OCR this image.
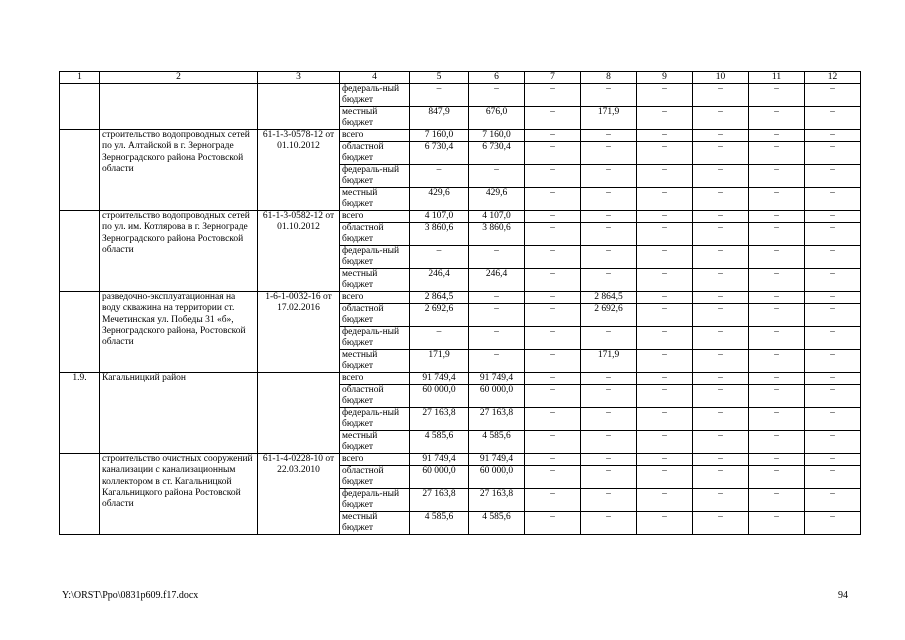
1	2	3	4	5	6	7	8	9	10	11	12
			федераль-ный бюджет	–	–	–	–	–	–	–	–
			местный бюджет	847,9	676,0	–	171,9	–	–	–	–
	строительство водопроводных сетей по ул. Алтайской в г. Зернограде Зерноградского района Ростовской области	61-1-3-0578-12 от 01.10.2012	всего	7 160,0	7 160,0	–	–	–	–	–	–
			областной бюджет	6 730,4	6 730,4	–	–	–	–	–	–
			федераль-ный бюджет	–	–	–	–	–	–	–	–
			местный бюджет	429,6	429,6	–	–	–	–	–	–
	строительство водопроводных сетей по ул. им. Котлярова в г. Зернограде Зерноградского района Ростовской области	61-1-3-0582-12 от 01.10.2012	всего	4 107,0	4 107,0	–	–	–	–	–	–
			областной бюджет	3 860,6	3 860,6	–	–	–	–	–	–
			федераль-ный бюджет	–	–	–	–	–	–	–	–
			местный бюджет	246,4	246,4	–	–	–	–	–	–
	разведочно-эксплуатационная на воду скважина на территории ст. Мечетинская ул. Победы 31 «б», Зерноградского района, Ростовской области	1-6-1-0032-16 от 17.02.2016	всего	2 864,5	–	–	2 864,5	–	–	–	–
			областной бюджет	2 692,6	–	–	2 692,6	–	–	–	–
			федераль-ный бюджет	–	–	–	–	–	–	–	–
			местный бюджет	171,9	–	–	171,9	–	–	–	–
1.9.	Кагальницкий район		всего	91 749,4	91 749,4	–	–	–	–	–	–
			областной бюджет	60 000,0	60 000,0	–	–	–	–	–	–
			федераль-ный бюджет	27 163,8	27 163,8	–	–	–	–	–	–
			местный бюджет	4 585,6	4 585,6	–	–	–	–	–	–
	строительство очистных сооружений канализации с канализационным коллектором в ст. Кагальницкой Кагальницкого района Ростовской области	61-1-4-0228-10 от 22.03.2010	всего	91 749,4	91 749,4	–	–	–	–	–	–
			областной бюджет	60 000,0	60 000,0	–	–	–	–	–	–
			федераль-ный бюджет	27 163,8	27 163,8	–	–	–	–	–	–
			местный бюджет	4 585,6	4 585,6	–	–	–	–	–	–
Y:\ORST\Ppo\0831p609.f17.docx	94
